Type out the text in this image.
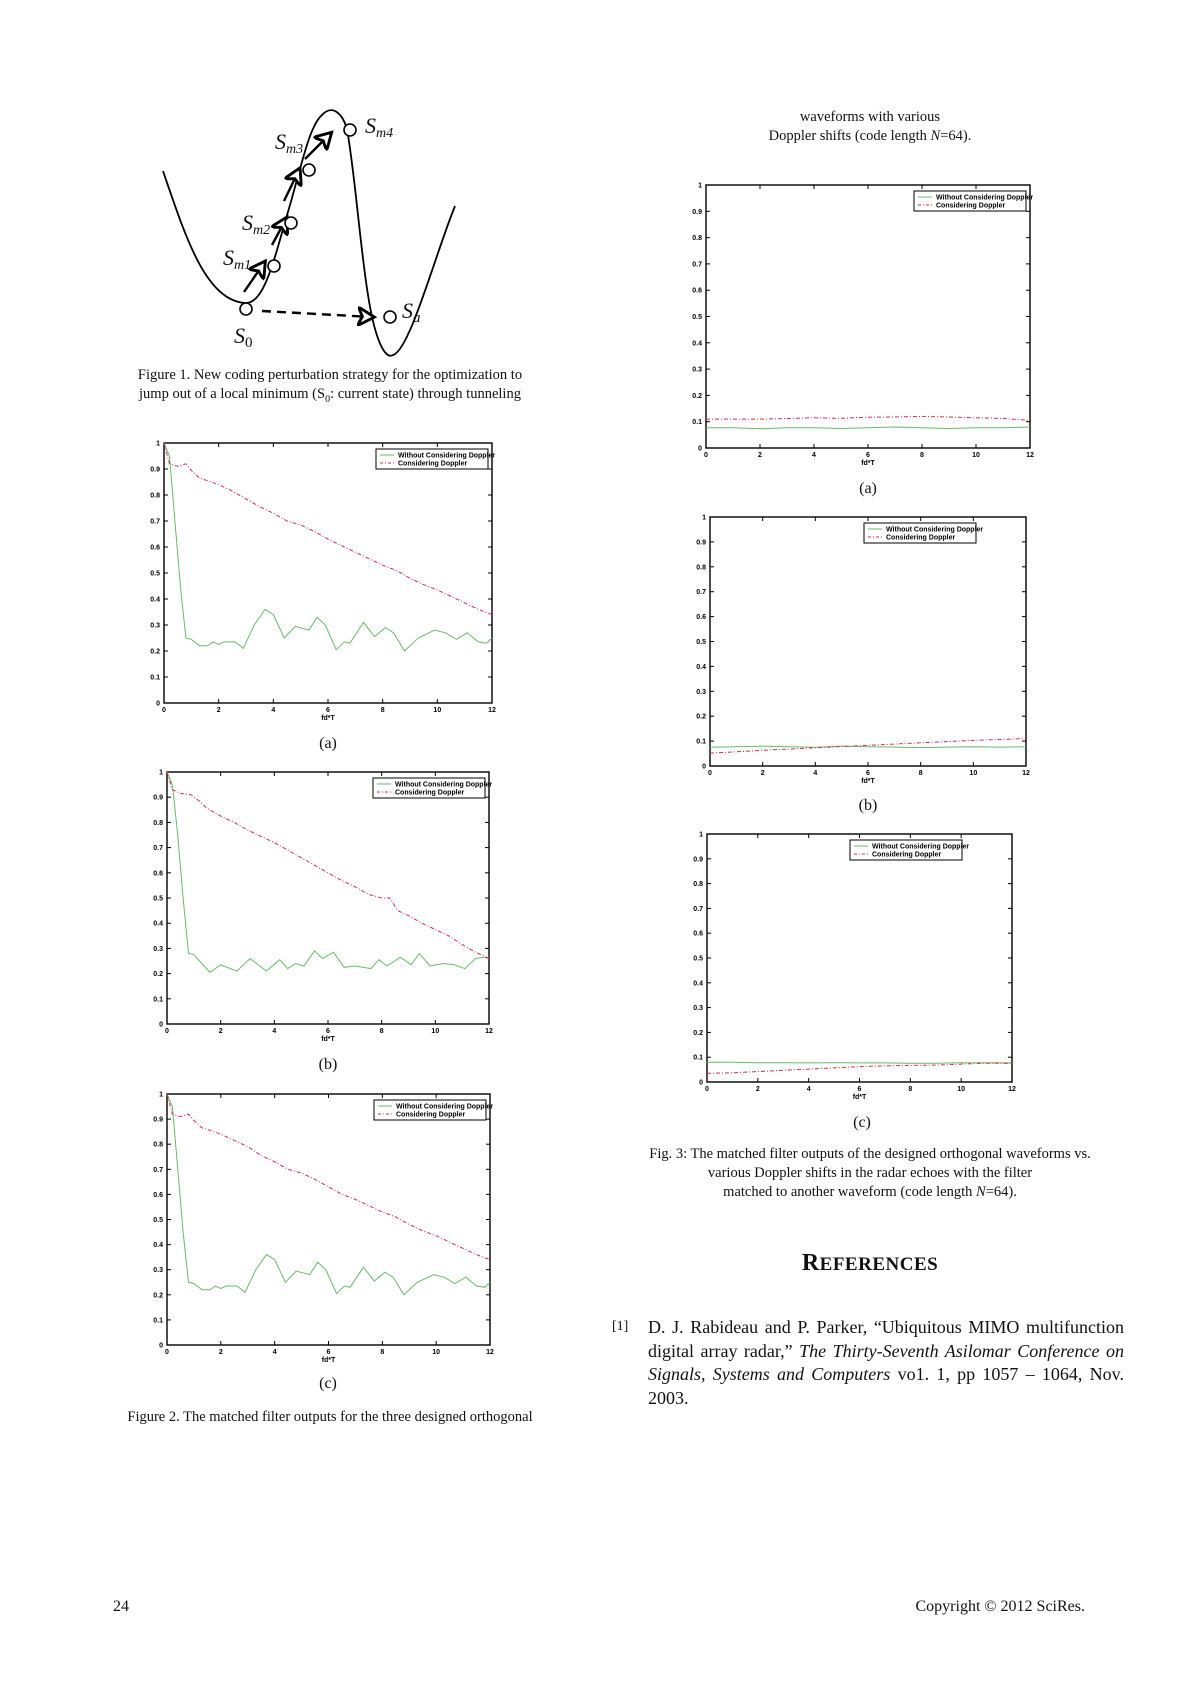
S0
Sm1
Sm2
Sm3
Sm4
Sa
Figure 1. New coding perturbation strategy for the optimization to
jump out of a local minimum ($S_0$: current state) through tunneling
0
0.1
0.2
0.3
0.4
0.5
0.6
0.7
0.8
0.9
1
0	2	4	6	8	10	12
fd*T
Without Considering Doppler
Considering Doppler
(a)
0
0.1
0.2
0.3
0.4
0.5
0.6
0.7
0.8
0.9
1
0	2	4	6	8	10	12
fd*T
Without Considering Doppler
Considering Doppler
(b)
0
0.1
0.2
0.3
0.4
0.5
0.6
0.7
0.8
0.9
1
0	2	4	6	8	10	12
fd*T
Without Considering Doppler
Considering Doppler
(c)
Figure 2. The matched filter outputs for the three designed orthogonal
waveforms with various
Doppler shifts (code length N=64).
0
0.1
0.2
0.3
0.4
0.5
0.6
0.7
0.8
0.9
1
0	2	4	6	8	10	12
fd*T
Without Considering Doppler
Considering Doppler
(a)
0
0.1
0.2
0.3
0.4
0.5
0.6
0.7
0.8
0.9
1
0	2	4	6	8	10	12
fd*T
Without Considering Doppler
Considering Doppler
(b)
0
0.1
0.2
0.3
0.4
0.5
0.6
0.7
0.8
0.9
1
0	2	4	6	8	10	12
fd*T
Without Considering Doppler
Considering Doppler
(c)
Fig. 3: The matched filter outputs of the designed orthogonal waveforms vs.
various Doppler shifts in the radar echoes with the filter
matched to another waveform (code length N=64).
REFERENCES
[1] D. J. Rabideau and P. Parker, “Ubiquitous MIMO multifunction digital array radar,” The Thirty-Seventh Asilomar Conference on Signals, Systems and Computers vo1. 1, pp 1057 – 1064, Nov. 2003.
24	Copyright © 2012 SciRes.
